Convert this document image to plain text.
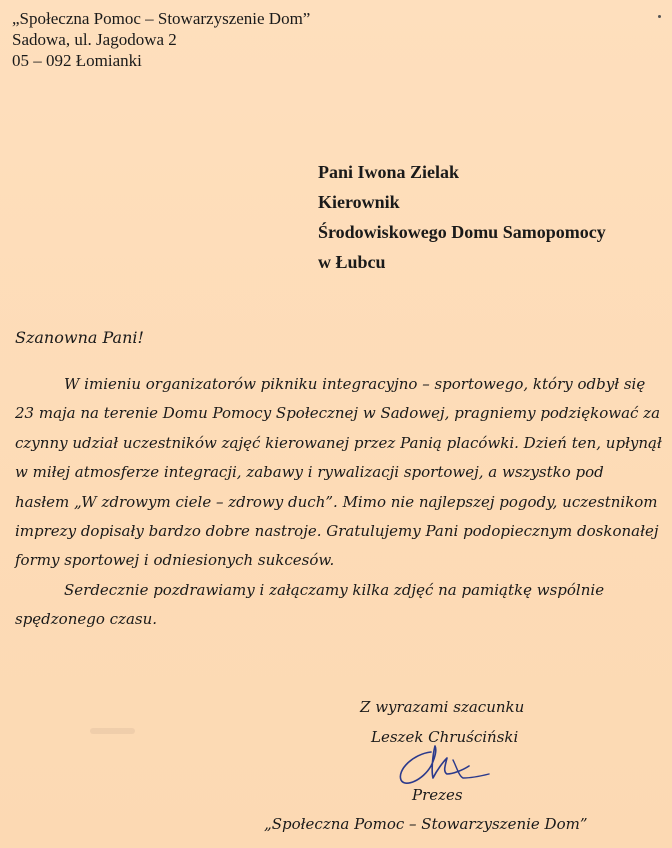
„Społeczna Pomoc – Stowarzyszenie Dom”
Sadowa, ul. Jagodowa 2
05 – 092 Łomianki
Pani Iwona Zielak
Kierownik
Środowiskowego Domu Samopomocy
w Łubcu
Szanowna Pani!
W imieniu organizatorów pikniku integracyjno – sportowego, który odbył się
23 maja na terenie Domu Pomocy Społecznej w Sadowej, pragniemy podziękować za
czynny udział uczestników zajęć kierowanej przez Panią placówki. Dzień ten, upłynął
w miłej atmosferze integracji, zabawy i rywalizacji sportowej, a wszystko pod
hasłem „W zdrowym ciele – zdrowy duch”. Mimo nie najlepszej pogody, uczestnikom
imprezy dopisały bardzo dobre nastroje. Gratulujemy Pani podopiecznym doskonałej
formy sportowej i odniesionych sukcesów.
Serdecznie pozdrawiamy i załączamy kilka zdjęć na pamiątkę wspólnie
spędzonego czasu.
Z wyrazami szacunku
Leszek Chruściński
Prezes
„Społeczna Pomoc – Stowarzyszenie Dom”
